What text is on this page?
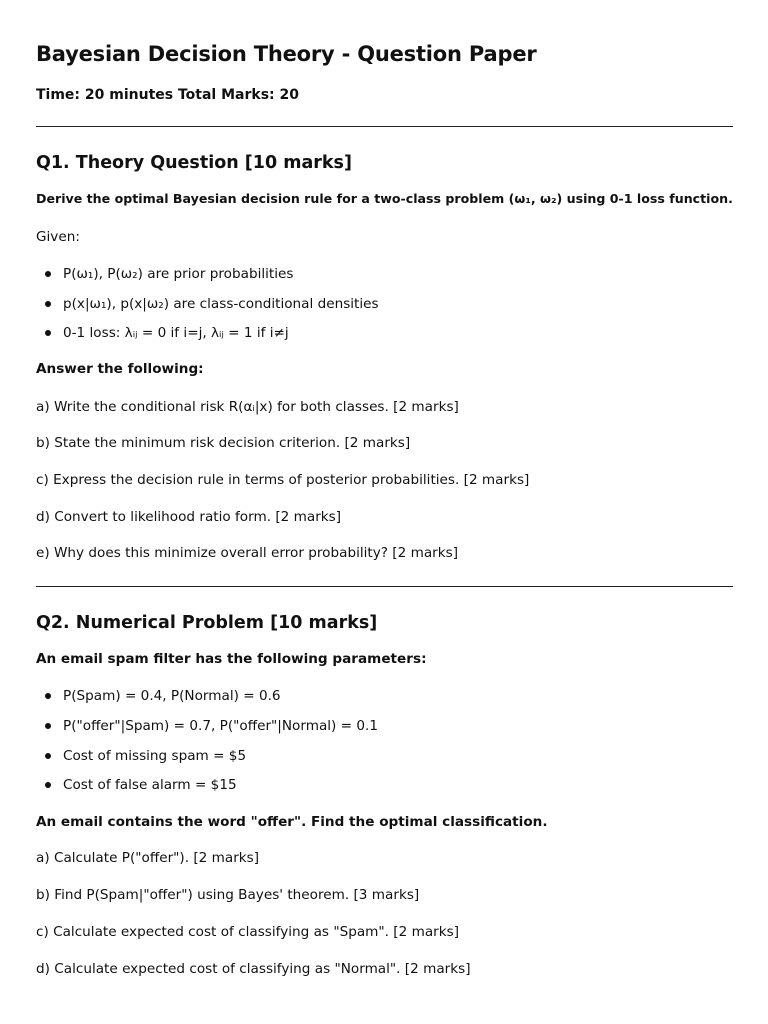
Bayesian Decision Theory - Question Paper
Time: 20 minutes Total Marks: 20
Q1. Theory Question [10 marks]
Derive the optimal Bayesian decision rule for a two-class problem (ω₁, ω₂) using 0-1 loss function.
Given:
P(ω₁), P(ω₂) are prior probabilities
p(x|ω₁), p(x|ω₂) are class-conditional densities
0-1 loss: λᵢⱼ = 0 if i=j, λᵢⱼ = 1 if i≠j
Answer the following:
a) Write the conditional risk R(αᵢ|x) for both classes. [2 marks]
b) State the minimum risk decision criterion. [2 marks]
c) Express the decision rule in terms of posterior probabilities. [2 marks]
d) Convert to likelihood ratio form. [2 marks]
e) Why does this minimize overall error probability? [2 marks]
Q2. Numerical Problem [10 marks]
An email spam filter has the following parameters:
P(Spam) = 0.4, P(Normal) = 0.6
P("offer"|Spam) = 0.7, P("offer"|Normal) = 0.1
Cost of missing spam = $5
Cost of false alarm = $15
An email contains the word "offer". Find the optimal classification.
a) Calculate P("offer"). [2 marks]
b) Find P(Spam|"offer") using Bayes' theorem. [3 marks]
c) Calculate expected cost of classifying as "Spam". [2 marks]
d) Calculate expected cost of classifying as "Normal". [2 marks]
